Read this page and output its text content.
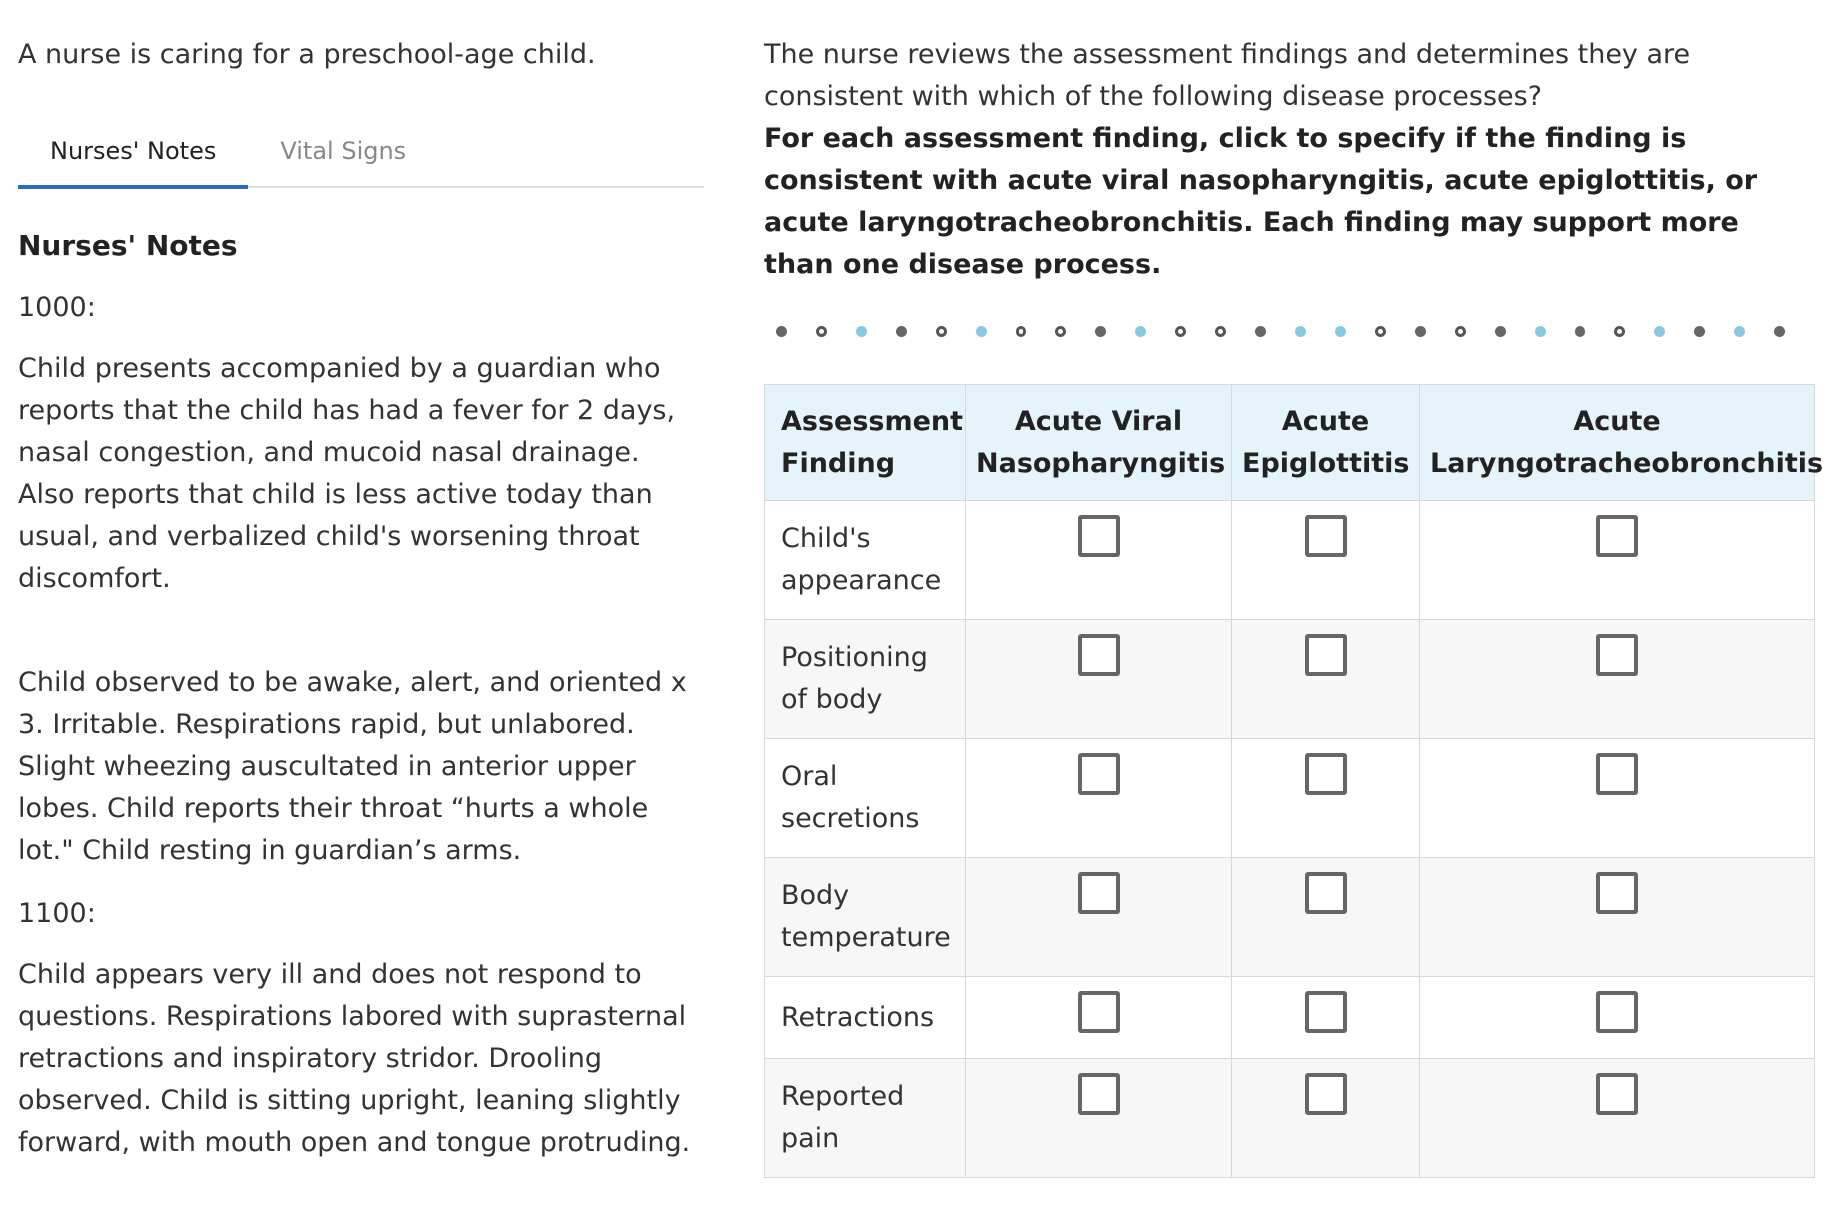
A nurse is caring for a preschool-age child.

Nurses' Notes	Vital Signs
Nurses' Notes

1000:

Child presents accompanied by a guardian who reports that the child has had a fever for 2 days, nasal congestion, and mucoid nasal drainage. Also reports that child is less active today than usual, and verbalized child's worsening throat discomfort.

Child observed to be awake, alert, and oriented x 3. Irritable. Respirations rapid, but unlabored. Slight wheezing auscultated in anterior upper lobes. Child reports their throat “hurts a whole lot." Child resting in guardian’s arms.

1100:

Child appears very ill and does not respond to questions. Respirations labored with suprasternal retractions and inspiratory stridor. Drooling observed. Child is sitting upright, leaning slightly forward, with mouth open and tongue protruding.

The nurse reviews the assessment findings and determines they are consistent with which of the following disease processes?

For each assessment finding, click to specify if the finding is consistent with acute viral nasopharyngitis, acute epiglottitis, or acute laryngotracheobronchitis. Each finding may support more than one disease process.

Assessment Finding	Acute Viral Nasopharyngitis	Acute Epiglottitis	Acute Laryngotracheobronchitis
Child's appearance			
Positioning of body			
Oral secretions			
Body temperature			
Retractions			
Reported pain			
